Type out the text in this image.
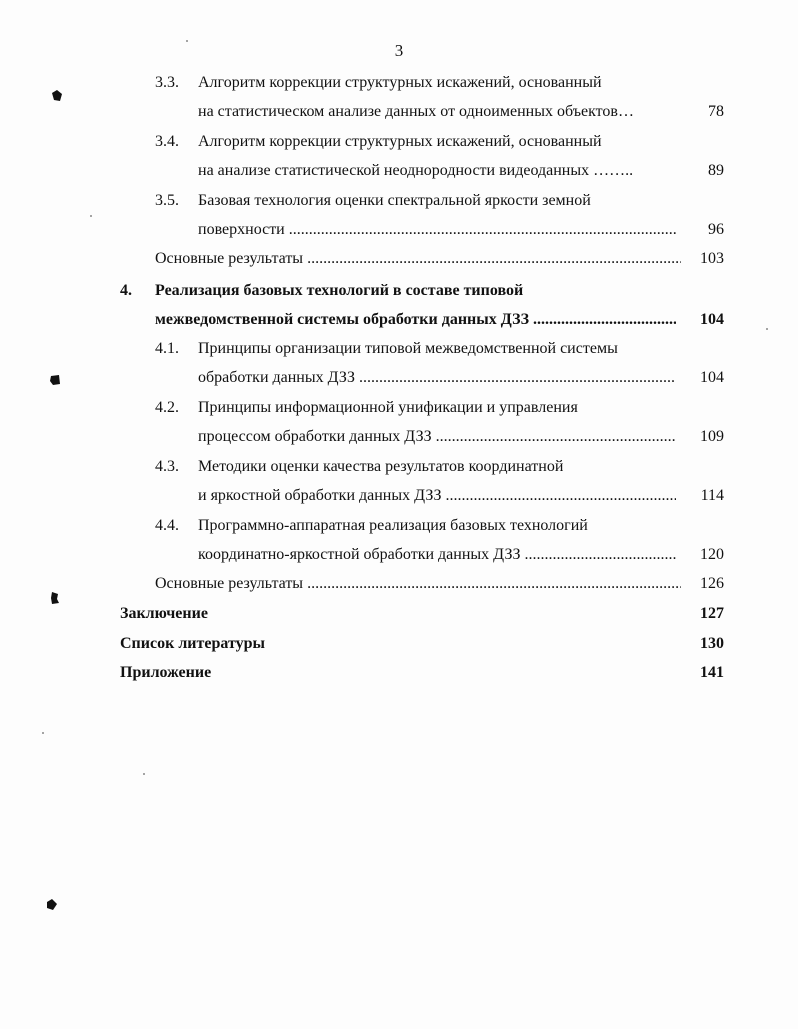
3
3.3. Алгоритм коррекции структурных искажений, основанный
на статистическом анализе данных от одноименных объектов…	78
3.4. Алгоритм коррекции структурных искажений, основанный
на анализе статистической неоднородности видеоданных ……..	89
3.5. Базовая технология оценки спектральной яркости земной
поверхности .....	96
Основные результаты .....	103
4. Реализация базовых технологий в составе типовой
межведомственной системы обработки данных ДЗЗ .....	104
4.1. Принципы организации типовой межведомственной системы
обработки данных ДЗЗ .....	104
4.2. Принципы информационной унификации и управления
процессом обработки данных ДЗЗ .....	109
4.3. Методики оценки качества результатов координатной
и яркостной обработки данных ДЗЗ .....	114
4.4. Программно-аппаратная реализация базовых технологий
координатно-яркостной обработки данных ДЗЗ .....	120
Основные результаты .....	126
Заключение	127
Список литературы	130
Приложение	141
